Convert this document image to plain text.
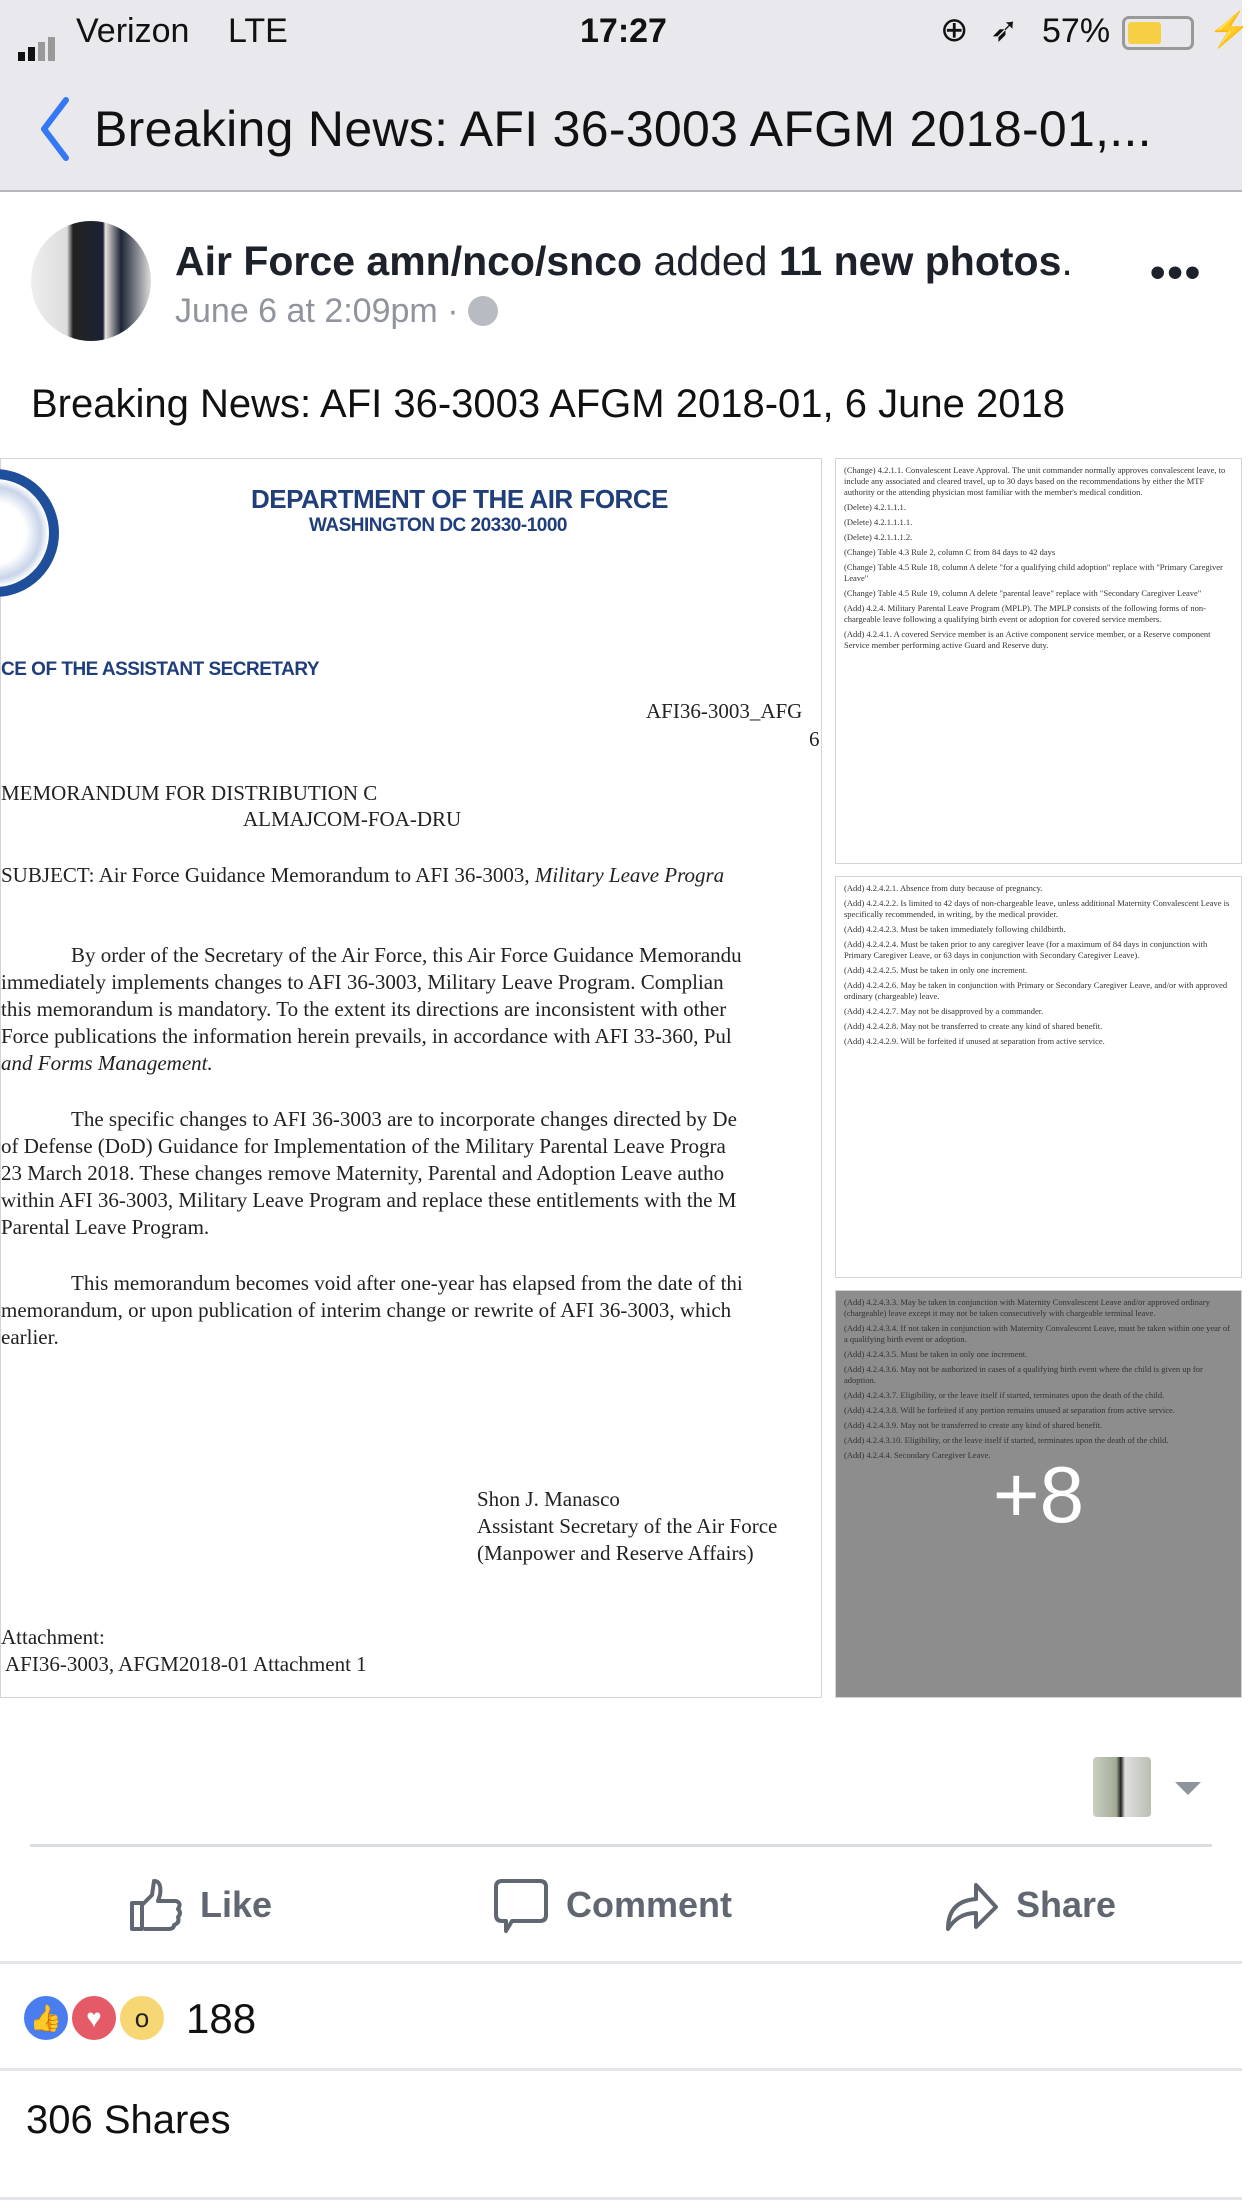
Verizon LTE	17:27	⊕ ➶ 57%	⚡
Breaking News: AFI 36-3003 AFGM 2018-01,...
Air Force amn/nco/snco added 11 new photos.
June 6 at 2:09pm ·
•••
Breaking News: AFI 36-3003 AFGM 2018-01, 6 June 2018
DEPARTMENT OF THE AIR FORCE
WASHINGTON DC 20330-1000
CE OF THE ASSISTANT SECRETARY
AFI36-3003_AFG
6
MEMORANDUM FOR DISTRIBUTION C
ALMAJCOM-FOA-DRU
SUBJECT: Air Force Guidance Memorandum to AFI 36-3003, Military Leave Progra
By order of the Secretary of the Air Force, this Air Force Guidance Memorandu
immediately implements changes to AFI 36-3003, Military Leave Program. Complian
this memorandum is mandatory. To the extent its directions are inconsistent with other
Force publications the information herein prevails, in accordance with AFI 33-360, Pul
and Forms Management.
The specific changes to AFI 36-3003 are to incorporate changes directed by De
of Defense (DoD) Guidance for Implementation of the Military Parental Leave Progra
23 March 2018. These changes remove Maternity, Parental and Adoption Leave autho
within AFI 36-3003, Military Leave Program and replace these entitlements with the M
Parental Leave Program.
This memorandum becomes void after one-year has elapsed from the date of thi
memorandum, or upon publication of interim change or rewrite of AFI 36-3003, which
earlier.
Shon J. Manasco
Assistant Secretary of the Air Force
(Manpower and Reserve Affairs)
Attachment:
AFI36-3003, AFGM2018-01 Attachment 1

(Change) 4.2.1.1. Convalescent Leave Approval. The unit commander normally approves convalescent leave, to include any associated and cleared travel, up to 30 days based on the recommendations by either the MTF authority or the attending physician most familiar with the member's medical condition.

(Delete) 4.2.1.1.1.

(Delete) 4.2.1.1.1.1.

(Delete) 4.2.1.1.1.2.

(Change) Table 4.3 Rule 2, column C from 84 days to 42 days

(Change) Table 4.5 Rule 18, column A delete "for a qualifying child adoption" replace with "Primary Caregiver Leave"

(Change) Table 4.5 Rule 19, column A delete "parental leave" replace with "Secondary Caregiver Leave"

(Add) 4.2.4. Military Parental Leave Program (MPLP). The MPLP consists of the following forms of non-chargeable leave following a qualifying birth event or adoption for covered service members.

(Add) 4.2.4.1. A covered Service member is an Active component service member, or a Reserve component Service member performing active Guard and Reserve duty.

(Add) 4.2.4.2.1. Absence from duty because of pregnancy.

(Add) 4.2.4.2.2. Is limited to 42 days of non-chargeable leave, unless additional Maternity Convalescent Leave is specifically recommended, in writing, by the medical provider.

(Add) 4.2.4.2.3. Must be taken immediately following childbirth.

(Add) 4.2.4.2.4. Must be taken prior to any caregiver leave (for a maximum of 84 days in conjunction with Primary Caregiver Leave, or 63 days in conjunction with Secondary Caregiver Leave).

(Add) 4.2.4.2.5. Must be taken in only one increment.

(Add) 4.2.4.2.6. May be taken in conjunction with Primary or Secondary Caregiver Leave, and/or with approved ordinary (chargeable) leave.

(Add) 4.2.4.2.7. May not be disapproved by a commander.

(Add) 4.2.4.2.8. May not be transferred to create any kind of shared benefit.

(Add) 4.2.4.2.9. Will be forfeited if unused at separation from active service.

(Add) 4.2.4.3.3. May be taken in conjunction with Maternity Convalescent Leave and/or approved ordinary (chargeable) leave except it may not be taken consecutively with chargeable terminal leave.

(Add) 4.2.4.3.4. If not taken in conjunction with Maternity Convalescent Leave, must be taken within one year of a qualifying birth event or adoption.

(Add) 4.2.4.3.5. Must be taken in only one increment.

(Add) 4.2.4.3.6. May not be authorized in cases of a qualifying birth event where the child is given up for adoption.

(Add) 4.2.4.3.7. Eligibility, or the leave itself if started, terminates upon the death of the child.

(Add) 4.2.4.3.8. Will be forfeited if any portion remains unused at separation from active service.

(Add) 4.2.4.3.9. May not be transferred to create any kind of shared benefit.

(Add) 4.2.4.3.10. Eligibility, or the leave itself if started, terminates upon the death of the child.

(Add) 4.2.4.4. Secondary Caregiver Leave. +8
Like	Comment	Share
👍 ♥	o 188
306 Shares
